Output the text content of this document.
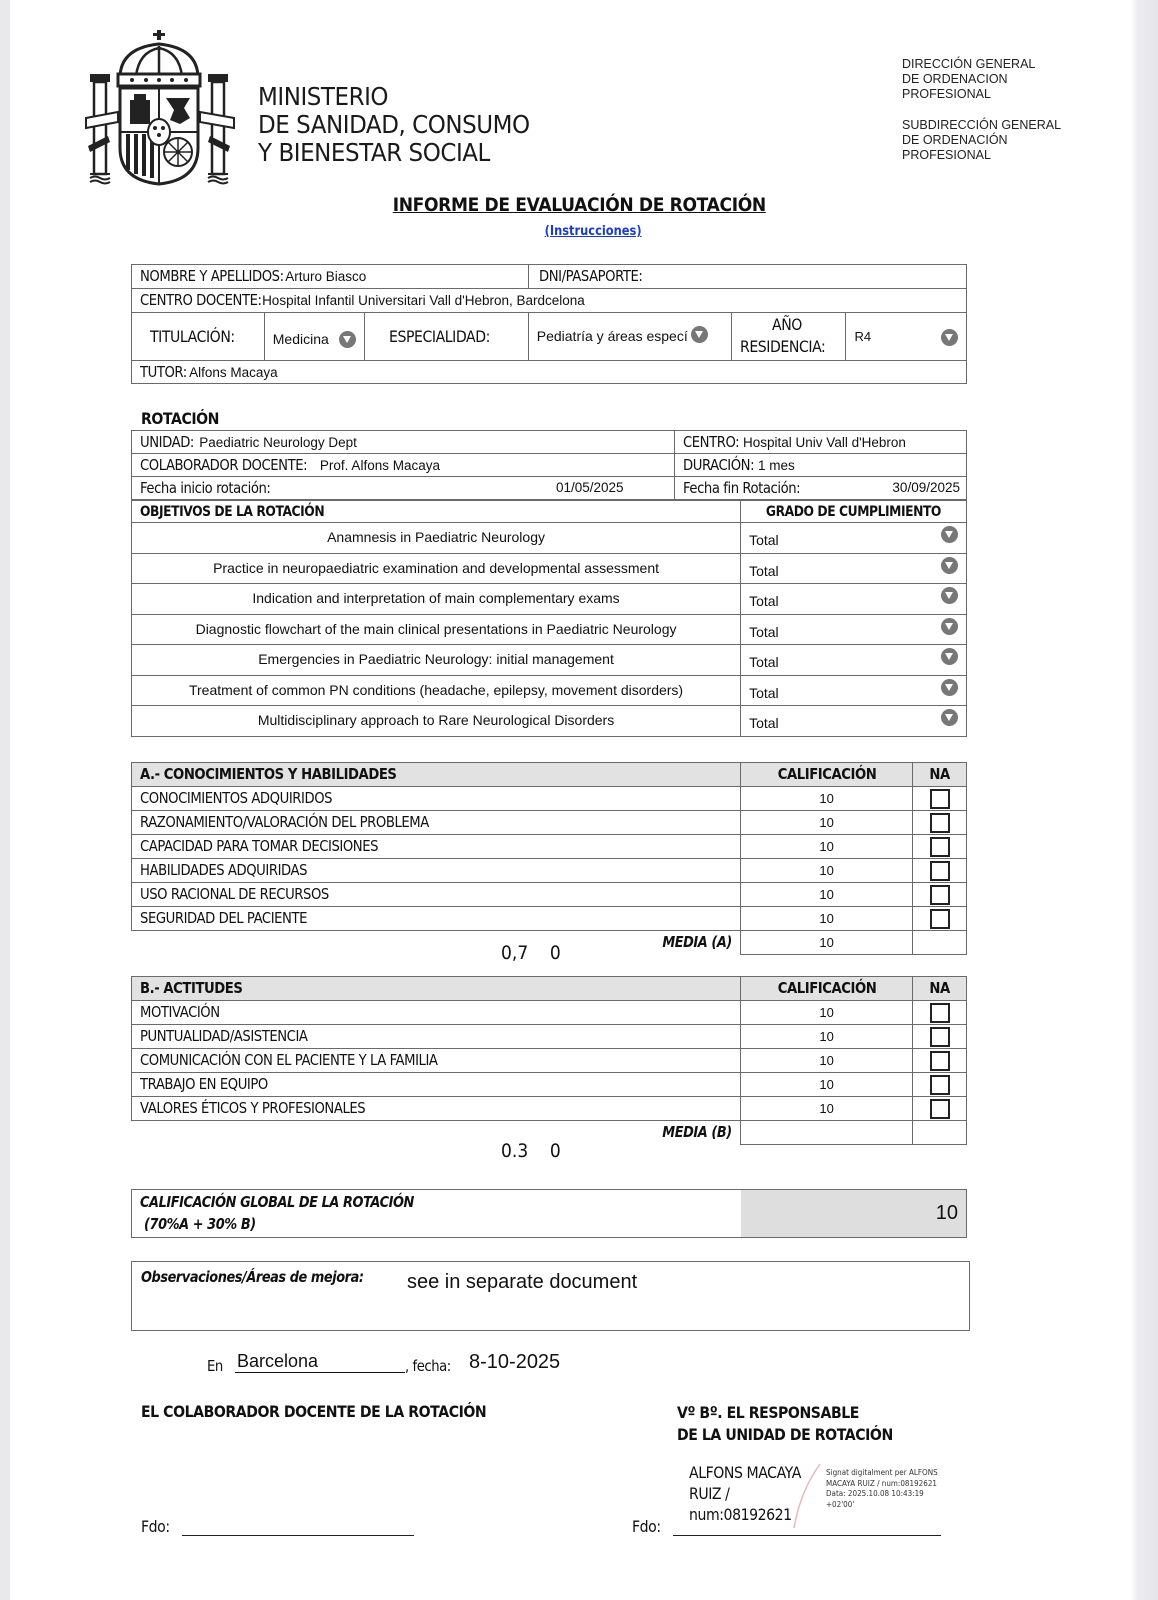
MINISTERIO
DE SANIDAD, CONSUMO
Y BIENESTAR SOCIAL
DIRECCIÓN GENERAL
DE ORDENACION
PROFESIONAL
SUBDIRECCIÓN GENERAL
DE ORDENACIÓN
PROFESIONAL
INFORME DE EVALUACIÓN DE ROTACIÓN
(Instrucciones)
NOMBRE Y APELLIDOS: Arturo Biasco			DNI/PASAPORTE:		
CENTRO DOCENTE:Hospital Infantil Universitari Vall d'Hebron, Bardcelona					
TITULACIÓN:	Medicina	ESPECIALIDAD:	Pediatría y áreas especí	AÑO
RESIDENCIA:	R4

TUTOR: Alfons Macaya					
ROTACIÓN
UNIDAD: Paediatric Neurology Dept	CENTRO: Hospital Univ Vall d'Hebron
COLABORADOR DOCENTE: Prof. Alfons Macaya	DURACIÓN: 1 mes
Fecha inicio rotación: 01/05/2025	Fecha fin Rotación: 30/09/2025
OBJETIVOS DE LA ROTACIÓN	GRADO DE CUMPLIMIENTO
Anamnesis in Paediatric Neurology	Total

Practice in neuropaediatric examination and developmental assessment	Total

Indication and interpretation of main complementary exams	Total

Diagnostic flowchart of the main clinical presentations in Paediatric Neurology	Total

Emergencies in Paediatric Neurology: initial management	Total

Treatment of common PN conditions (headache, epilepsy, movement disorders)	Total

Multidisciplinary approach to Rare Neurological Disorders	Total
A.- CONOCIMIENTOS Y HABILIDADES	CALIFICACIÓN	NA
CONOCIMIENTOS ADQUIRIDOS	10	
RAZONAMIENTO/VALORACIÓN DEL PROBLEMA	10	
CAPACIDAD PARA TOMAR DECISIONES	10	
HABILIDADES ADQUIRIDAS	10	
USO RACIONAL DE RECURSOS	10	
SEGURIDAD DEL PACIENTE	10	
MEDIA (A)	10	
0,7    0
B.- ACTITUDES	CALIFICACIÓN	NA
MOTIVACIÓN	10	
PUNTUALIDAD/ASISTENCIA	10	
COMUNICACIÓN CON EL PACIENTE Y LA FAMILIA	10	
TRABAJO EN EQUIPO	10	
VALORES ÉTICOS Y PROFESIONALES	10	
MEDIA (B)		
0.3    0
CALIFICACIÓN GLOBAL DE LA ROTACIÓN
(70%A + 30% B)	10
Observaciones/Áreas de mejora: see in separate document
En Barcelona	, fecha: 8-10-2025
EL COLABORADOR DOCENTE DE LA ROTACIÓN	Vº Bº. EL RESPONSABLE
DE LA UNIDAD DE ROTACIÓN
ALFONS MACAYA
RUIZ /
num:08192621
Signat digitalment per ALFONS
MACAYA RUIZ / num:08192621
Data: 2025.10.08 10:43:19
+02'00'
Fdo:	Fdo:
